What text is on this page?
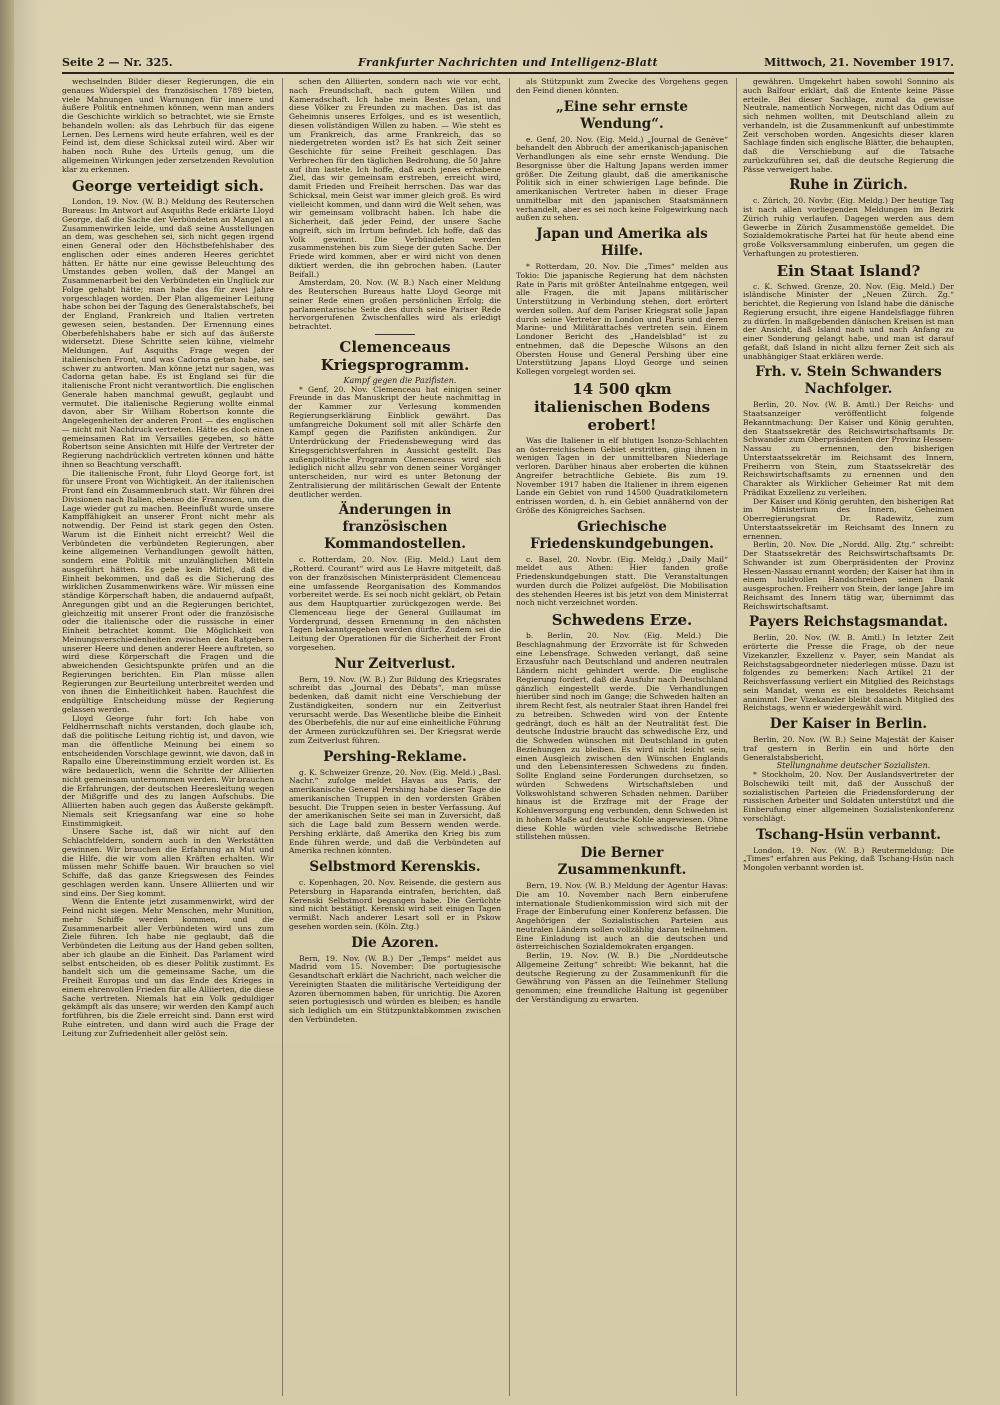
Seite 2 — Nr. 325.	Frankfurter Nachrichten und Intelligenz-Blatt	Mittwoch, 21. November 1917.

wechselnden Bilder dieser Regierungen, die ein genaues Widerspiel des französischen 1789 bieten, viele Mahnungen und Warnungen für innere und äußere Politik entnehmen können, wenn man anders die Geschichte wirklich so betrachtet, wie sie Ernste behandeln wollen: als das Lehrbuch für das eigene Lernen. Des Lernens wird heute erfahren, weil es der Feind ist, dem diese Schicksal zuteil wird. Aber wir haben noch Ruhe des Urteils genug, um die allgemeinen Wirkungen jeder zersetzenden Revolution klar zu erkennen.

George verteidigt sich.

London, 19. Nov. (W. B.) Meldung des Reuterschen Bureaus: Im Antwort auf Asquiths Rede erklärte Lloyd George, daß die Sache der Verbündeten an Mangel an Zusammenwirken leide, und daß seine Ausstellungen an dem, was geschehen sei, sich nicht gegen irgend einen General oder den Höchstbefehlshaber des englischen oder eines anderen Heeres gerichtet hätten. Er hätte nur eine gewisse Beleuchtung des Umstandes geben wollen, daß der Mangel an Zusammenarbeit bei den Verbündeten ein Unglück zur Folge gehabt hätte; man habe das für zwei Jahre vorgeschlagen worden. Der Plan allgemeiner Leitung habe schon bei der Tagung des Generalstabschefs, bei der England, Frankreich und Italien vertreten gewesen seien, bestanden. Der Ernennung eines Oberbefehlshabers habe er sich auf das äußerste widersetzt. Diese Schritte seien kühne, vielmehr Meldungen. Auf Asquiths Frage wegen der italienischen Front, und was Cadorna getan habe, sei schwer zu antworten. Man könne jetzt nur sagen, was Cadorna getan habe. Es ist England sei für die italienische Front nicht verantwortlich. Die englischen Generale haben manchmal gewußt, geglaubt und vermutet. Die italienische Regierung wollte einmal davon, aber Sir William Robertson konnte die Angelegenheiten der anderen Front — des englischen — nicht mit Nachdruck vertreten. Hätte es doch einen gemeinsamen Rat im Versailles gegeben, so hätte Robertson seine Ansichten mit Hilfe der Vertreter der Regierung nachdrücklich vertreten können und hätte ihnen so Beachtung verschafft.

Die italienische Front, fuhr Lloyd George fort, ist für unsere Front von Wichtigkeit. An der italienischen Front fand ein Zusammenbruch statt. Wir führen drei Divisionen nach Italien, ebenso die Franzosen, um die Lage wieder gut zu machen. Beeinflußt wurde unsere Kampffähigkeit an unserer Front nicht mehr als notwendig. Der Feind ist stark gegen den Osten. Warum ist die Einheit nicht erreicht? Weil die Verbündeten die verbündeten Regierungen, aber keine allgemeinen Verhandlungen gewollt hätten, sondern eine Politik mit unzulänglichen Mitteln ausgeführt hätten. Es gebe kein Mittel, daß die Einheit bekommen, und daß es die Sicherung des wirklichen Zusammenwirkens wäre. Wir müssen eine ständige Körperschaft haben, die andauernd aufpaßt, Anregungen gibt und an die Regierungen berichtet, gleichzeitig mit unserer Front oder die französische oder die italienische oder die russische in einer Einheit betrachtet kommt. Die Möglichkeit von Meinungsverschiedenheiten zwischen den Ratgebern unserer Heere und denen anderer Heere auftreten, so wird diese Körperschaft die Fragen und die abweichenden Gesichtspunkte prüfen und an die Regierungen berichten. Ein Plan müsse allen Regierungen zur Beurteilung unterbreitet werden und von ihnen die Einheitlichkeit haben. Rauchfest die endgültige Entscheidung müsse der Regierung gelassen werden.

Lloyd George fuhr fort: Ich habe von Feldherrnschaft nichts verstanden, doch glaube ich, daß die politische Leitung richtig ist, und davon, wie man die öffentliche Meinung bei einem so entscheidenden Vorschlage gewinnt, wie davon, daß in Rapallo eine Übereinstimmung erzielt worden ist. Es wäre bedauerlich, wenn die Schritte der Alliierten nicht gemeinsam unternommen werden. Wir brauchen die Erfahrungen, der deutschen Heeresleitung wegen der Mißgriffe und des zu langen Aufschubs. Die Alliierten haben auch gegen das Äußerste gekämpft. Niemals seit Kriegsanfang war eine so hohe Einstimmigkeit.

Unsere Sache ist, daß wir nicht auf den Schlachtfeldern, sondern auch in den Werkstätten gewinnen. Wir brauchen die Erfahrung an Mut und die Hilfe, die wir vom allen Kräften erhalten. Wir müssen mehr Schiffe bauen. Wir brauchen so viel Schiffe, daß das ganze Kriegswesen des Feindes geschlagen werden kann. Unsere Alliierten und wir sind eins. Der Sieg kommt.

Wenn die Entente jetzt zusammenwirkt, wird der Feind nicht siegen. Mehr Menschen, mehr Munition, mehr Schiffe werden kommen, und die Zusammenarbeit aller Verbündeten wird uns zum Ziele führen. Ich habe nie geglaubt, daß die Verbündeten die Leitung aus der Hand geben sollten, aber ich glaube an die Einheit. Das Parlament wird selbst entscheiden, ob es dieser Politik zustimmt. Es handelt sich um die gemeinsame Sache, um die Freiheit Europas und um das Ende des Krieges in einem ehrenvollen Frieden für alle Alliierten, die diese Sache vertreten. Niemals hat ein Volk geduldiger gekämpft als das unsere; wir werden den Kampf auch fortführen, bis die Ziele erreicht sind. Dann erst wird Ruhe eintreten, und dann wird auch die Frage der Leitung zur Zufriedenheit aller gelöst sein.

schen den Alliierten, sondern nach wie vor echt, nach Freundschaft, nach gutem Willen und Kameradschaft. Ich habe mein Bestes getan, und diese Völker zu Freunden zu machen. Das ist das Geheimnis unseres Erfolges, und es ist wesentlich, diesen vollständigen Willen zu haben. — Wie steht es um Frankreich, das arme Frankreich, das so niedergetreten worden ist? Es hat sich Zeit seiner Geschichte für seine Freiheit geschlagen. Das Verbrechen für den täglichen Bedrohung, die 50 Jahre auf ihm lastete. Ich hoffe, daß auch jenes erhabene Ziel, das wir gemeinsam erstreben, erreicht wird, damit Frieden und Freiheit herrschen. Das war das Schicksal, mein Geist war immer gleich groß. Es wird vielleicht kommen, und dann wird die Welt sehen, was wir gemeinsam vollbracht haben. Ich habe die Sicherheit, daß jeder Feind, der unsere Sache angreift, sich im Irrtum befindet. Ich hoffe, daß das Volk gewinnt. Die Verbündeten werden zusammenstehen bis zum Siege der guten Sache. Der Friede wird kommen, aber er wird nicht von denen diktiert werden, die ihn gebrochen haben. (Lauter Beifall.)

Amsterdam, 20. Nov. (W. B.) Nach einer Meldung des Reuterschen Bureaus hatte Lloyd George mit seiner Rede einen großen persönlichen Erfolg; die parlamentarische Seite des durch seine Pariser Rede hervorgerufenen Zwischenfalles wird als erledigt betrachtet.

Clemenceaus Kriegsprogramm.

Kampf gegen die Pazifisten.

* Genf, 20. Nov. Clemenceau hat einigen seiner Freunde in das Manuskript der heute nachmittag in der Kammer zur Verlesung kommenden Regierungserklärung Einblick gewährt. Das umfangreiche Dokument soll mit aller Schärfe den Kampf gegen die Pazifisten ankündigen. Zur Unterdrückung der Friedensbewegung wird das Kriegsgerichtsverfahren in Aussicht gestellt. Das außenpolitische Programm Clemenceaus wird sich lediglich nicht allzu sehr von denen seiner Vorgänger unterscheiden, nur wird es unter Betonung der Zentralisierung der militärischen Gewalt der Entente deutlicher werden.

Änderungen in französischen Kommandostellen.

c. Rotterdam, 20. Nov. (Eig. Meld.) Laut dem „Rotterd. Courant“ wird aus Le Havre mitgeteilt, daß von der französischen Ministerpräsident Clemenceau eine umfassende Reorganisation des Kommandos vorbereitet werde. Es sei noch nicht geklärt, ob Petain aus dem Hauptquartier zurückgezogen werde. Bei Clemenceau liege der General Guillaumat im Vordergrund, dessen Ernennung in den nächsten Tagen bekanntgegeben werden dürfte. Zudem sei die Leitung der Operationen für die Sicherheit der Front vorgesehen.

Nur Zeitverlust.

Bern, 19. Nov. (W. B.) Zur Bildung des Kriegsrates schreibt das „Journal des Débats“, man müsse bedenken, daß damit nicht eine Verschiebung der Zuständigkeiten, sondern nur ein Zeitverlust verursacht werde. Das Wesentliche bleibe die Einheit des Oberbefehls, die nur auf eine einheitliche Führung der Armeen zurückzuführen sei. Der Kriegsrat werde zum Zeitverlust führen.

Pershing-Reklame.

g. K. Schweizer Grenze, 20. Nov. (Eig. Meld.) „Basl. Nachr.“ zufolge meldet Havas aus Paris, der amerikanische General Pershing habe dieser Tage die amerikanischen Truppen in den vordersten Gräben besucht. Die Truppen seien in bester Verfassung. Auf der amerikanischen Seite sei man in Zuversicht, daß sich die Lage bald zum Bessern wenden werde. Pershing erklärte, daß Amerika den Krieg bis zum Ende führen werde, und daß die Verbündeten auf Amerika rechnen könnten.

Selbstmord Kerenskis.

c. Kopenhagen, 20. Nov. Reisende, die gestern aus Petersburg in Haparanda eintrafen, berichten, daß Kerenski Selbstmord begangen habe. Die Gerüchte sind nicht bestätigt. Kerenski wird seit einigen Tagen vermißt. Nach anderer Lesart soll er in Pskow gesehen worden sein. (Köln. Ztg.)

Die Azoren.

Bern, 19. Nov. (W. B.) Der „Temps“ meldet aus Madrid vom 15. November: Die portugiesische Gesandtschaft erklärt die Nachricht, nach welcher die Vereinigten Staaten die militärische Verteidigung der Azoren übernommen haben, für unrichtig. Die Azoren seien portugiesisch und würden es bleiben; es handle sich lediglich um ein Stützpunktabkommen zwischen den Verbündeten.

als Stützpunkt zum Zwecke des Vorgehens gegen den Feind dienen könnten.

„Eine sehr ernste Wendung“.

e. Genf, 20. Nov. (Eig. Meld.) „Journal de Genève“ behandelt den Abbruch der amerikanisch-japanischen Verhandlungen als eine sehr ernste Wendung. Die Besorgnisse über die Haltung Japans werden immer größer. Die Zeitung glaubt, daß die amerikanische Politik sich in einer schwierigen Lage befinde. Die amerikanischen Vertreter haben in dieser Frage unmittelbar mit den japanischen Staatsmännern verhandelt, aber es sei noch keine Folgewirkung nach außen zu sehen.

Japan und Amerika als Hilfe.

* Rotterdam, 20. Nov. Die „Times“ melden aus Tokio: Die japanische Regierung hat dem nächsten Rate in Paris mit größter Anteilnahme entgegen, weil alle Fragen, die mit Japans militärischer Unterstützung in Verbindung stehen, dort erörtert werden sollen. Auf dem Pariser Kriegsrat solle Japan durch seine Vertreter in London und Paris und deren Marine- und Militärattachés vertreten sein. Einem Londoner Bericht des „Handelsblad“ ist zu entnehmen, daß die Depesche Wilsons an den Obersten House und General Pershing über eine Unterstützung Japans Lloyd George und seinen Kollegen vorgelegt worden sei.

14 500 qkm italienischen Bodens erobert!

Was die Italiener in elf blutigen Isonzo-Schlachten an österreichischem Gebiet erstritten, ging ihnen in wenigen Tagen in der unmittelbaren Niederlage verloren. Darüber hinaus aber eroberten die kühnen Angreifer betrachtliche Gebiete. Bis zum 19. November 1917 haben die Italiener in ihrem eigenen Lande ein Gebiet von rund 14500 Quadratkilometern entrissen worden, d. h. ein Gebiet annähernd von der Größe des Königreiches Sachsen.

Griechische Friedenskundgebungen.

c. Basel, 20. Novbr. (Eig. Meldg.) „Daily Mail“ meldet aus Athen: Hier fanden große Friedenskundgebungen statt. Die Veranstaltungen wurden durch die Polizei aufgelöst. Die Mobilisation des stehenden Heeres ist bis jetzt von dem Ministerrat noch nicht verzeichnet worden.

Schwedens Erze.

b. Berlin, 20. Nov. (Eig. Meld.) Die Beschlagnahmung der Erzvorräte ist für Schweden eine Lebensfrage. Schweden verlangt, daß seine Erzausfuhr nach Deutschland und anderen neutralen Ländern nicht gehindert werde. Die englische Regierung fordert, daß die Ausfuhr nach Deutschland gänzlich eingestellt werde. Die Verhandlungen hierüber sind noch im Gange; die Schweden halten an ihrem Recht fest, als neutraler Staat ihren Handel frei zu betreiben. Schweden wird von der Entente gedrängt, doch es hält an der Neutralität fest. Die deutsche Industrie braucht das schwedische Erz, und die Schweden wünschen mit Deutschland in guten Beziehungen zu bleiben. Es wird nicht leicht sein, einen Ausgleich zwischen den Wünschen Englands und den Lebensinteressen Schwedens zu finden. Sollte England seine Forderungen durchsetzen, so würden Schwedens Wirtschaftsleben und Volkswohlstand schweren Schaden nehmen. Darüber hinaus ist die Erzfrage mit der Frage der Kohlenversorgung eng verbunden, denn Schweden ist in hohem Maße auf deutsche Kohle angewiesen. Ohne diese Kohle würden viele schwedische Betriebe stillstehen müssen.

Die Berner Zusammenkunft.

Bern, 19. Nov. (W. B.) Meldung der Agentur Havas: Die am 10. November nach Bern einberufene internationale Studienkommission wird sich mit der Frage der Einberufung einer Konferenz befassen. Die Angehörigen der Sozialistischen Parteien aus neutralen Ländern sollen vollzählig daran teilnehmen. Eine Einladung ist auch an die deutschen und österreichischen Sozialdemokraten ergangen.

Berlin, 19. Nov. (W. B.) Die „Norddeutsche Allgemeine Zeitung“ schreibt: Wie bekannt, hat die deutsche Regierung zu der Zusammenkunft für die Gewährung von Pässen an die Teilnehmer Stellung genommen; eine freundliche Haltung ist gegenüber der Verständigung zu erwarten.

gewähren. Umgekehrt haben sowohl Sonnino als auch Balfour erklärt, daß die Entente keine Pässe erteile. Bei dieser Sachlage, zumal da gewisse Neutrale, namentlich Norwegen, nicht das Odium auf sich nehmen wollten, mit Deutschland allein zu verhandeln, ist die Zusammenkunft auf unbestimmte Zeit verschoben worden. Angesichts dieser klaren Sachlage finden sich englische Blätter, die behaupten, daß die Verschiebung auf die Tatsache zurückzuführen sei, daß die deutsche Regierung die Pässe verweigert habe.

Ruhe in Zürich.

c. Zürich, 20. Novbr. (Eig. Meldg.) Der heutige Tag ist nach allen vorliegenden Meldungen im Bezirk Zürich ruhig verlaufen. Dagegen werden aus dem Gewerbe in Zürich Zusammenstöße gemeldet. Die Sozialdemokratische Partei hat für heute abend eine große Volksversammlung einberufen, um gegen die Verhaftungen zu protestieren.

Ein Staat Island?

c. K. Schwed. Grenze, 20. Nov. (Eig. Meld.) Der isländische Minister der „Neuen Zürch. Zg.“ berichtet, die Regierung von Island habe die dänische Regierung ersucht, ihre eigene Handelsflagge führen zu dürfen. In maßgebenden dänischen Kreisen ist man der Ansicht, daß Island nach und nach Anfang zu einer Sonderung gelangt habe, und man ist darauf gefaßt, daß Island in nicht allzu ferner Zeit sich als unabhängiger Staat erklären werde.

Frh. v. Stein Schwanders Nachfolger.

Berlin, 20. Nov. (W. B. Amtl.) Der Reichs- und Staatsanzeiger veröffentlicht folgende Bekanntmachung: Der Kaiser und König geruhten, den Staatssekretär des Reichswirtschaftsamts Dr. Schwander zum Oberpräsidenten der Provinz Hessen-Nassau zu ernennen, den bisherigen Unterstaatssekretär im Reichsamt des Innern, Freiherrn von Stein, zum Staatssekretär des Reichswirtschaftsamts zu ernennen und den Charakter als Wirklicher Geheimer Rat mit dem Prädikat Exzellenz zu verleihen.

Der Kaiser und König geruhten, den bisherigen Rat im Ministerium des Innern, Geheimen Oberregierungsrat Dr. Radewitz, zum Unterstaatssekretär im Reichsamt des Innern zu ernennen.

Berlin, 20. Nov. Die „Nordd. Allg. Ztg.“ schreibt: Der Staatssekretär des Reichswirtschaftsamts Dr. Schwander ist zum Oberpräsidenten der Provinz Hessen-Nassau ernannt worden; der Kaiser hat ihm in einem huldvollen Handschreiben seinen Dank ausgesprochen. Freiherr von Stein, der lange Jahre im Reichsamt des Innern tätig war, übernimmt das Reichswirtschaftsamt.

Payers Reichstagsmandat.

Berlin, 20. Nov. (W. B. Amtl.) In letzter Zeit erörterte die Presse die Frage, ob der neue Vizekanzler, Exzellenz v. Payer, sein Mandat als Reichstagsabgeordneter niederlegen müsse. Dazu ist folgendes zu bemerken: Nach Artikel 21 der Reichsverfassung verliert ein Mitglied des Reichstags sein Mandat, wenn es ein besoldetes Reichsamt annimmt. Der Vizekanzler bleibt danach Mitglied des Reichstags, wenn er wiedergewählt wird.

Der Kaiser in Berlin.

Berlin, 20. Nov. (W. B.) Seine Majestät der Kaiser traf gestern in Berlin ein und hörte den Generalstabsbericht.

Stellungnahme deutscher Sozialisten.

* Stockholm, 20. Nov. Der Auslandsvertreter der Bolschewiki teilt mit, daß der Ausschuß der sozialistischen Parteien die Friedensforderung der russischen Arbeiter und Soldaten unterstützt und die Einberufung einer allgemeinen Sozialistenkonferenz vorschlägt.

Tschang-Hsün verbannt.

London, 19. Nov. (W. B.) Reutermeldung: Die „Times“ erfahren aus Peking, daß Tschang-Hsün nach Mongolen verbannt worden ist.
